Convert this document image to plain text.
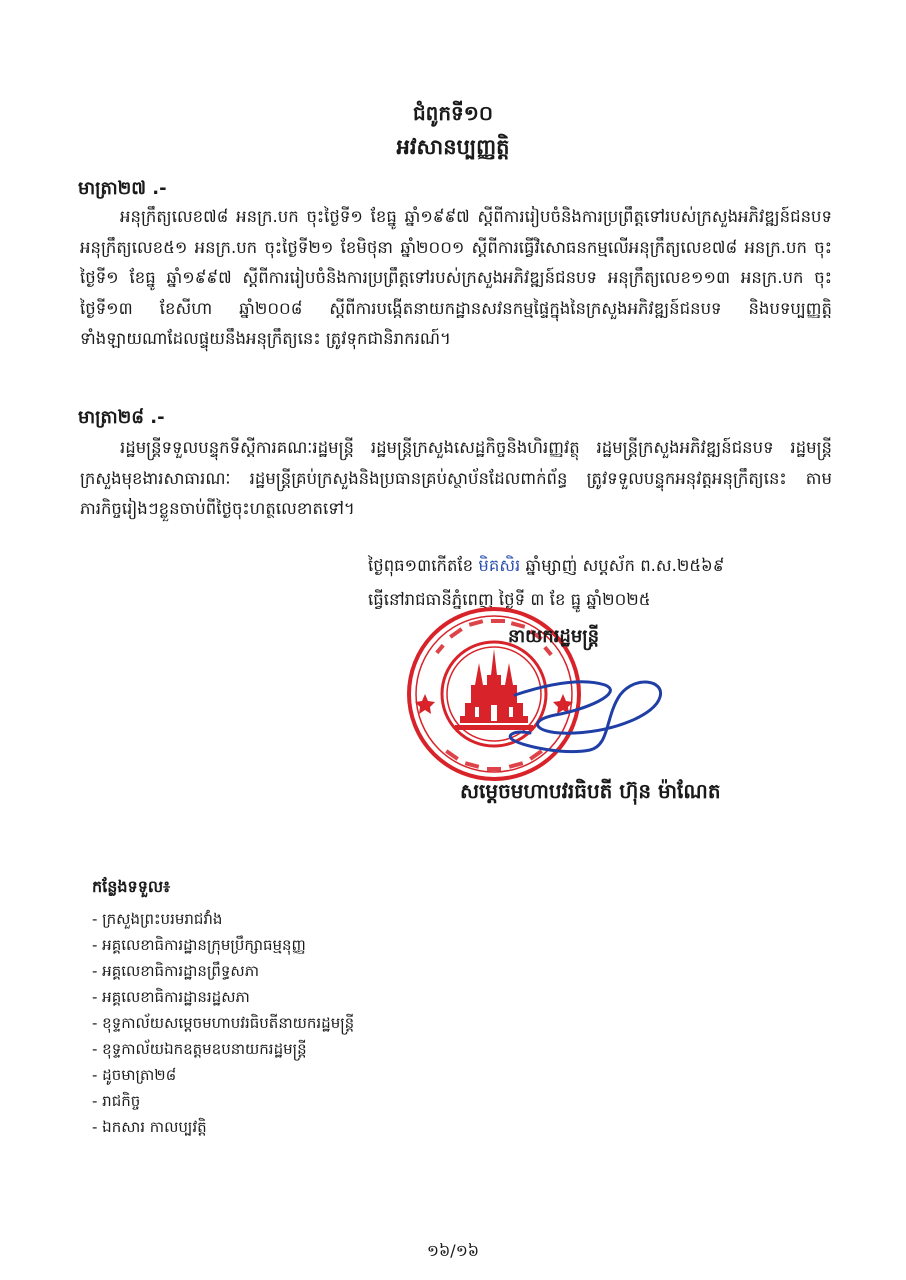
ជំពូកទី១០
អវសានប្បញ្ញត្តិ
មាត្រា២៧ .-
អនុក្រឹត្យលេខ៧៨ អនក្រ.បក ចុះថ្ងៃទី១ ខែធ្នូ ឆ្នាំ១៩៩៧ ស្តីពីការរៀបចំនិងការប្រព្រឹត្តទៅរបស់ក្រសួងអភិវឌ្ឍន៍ជនបទ អនុក្រឹត្យលេខ៥១ អនក្រ.បក ចុះថ្ងៃទី២១ ខែមិថុនា ឆ្នាំ២០០១ ស្តីពីការធ្វើវិសោធនកម្មលើអនុក្រឹត្យលេខ៧៨ អនក្រ.បក ចុះថ្ងៃទី១ ខែធ្នូ ឆ្នាំ១៩៩៧ ស្តីពីការរៀបចំនិងការប្រព្រឹត្តទៅរបស់ក្រសួងអភិវឌ្ឍន៍ជនបទ អនុក្រឹត្យលេខ១១៣ អនក្រ.បក ចុះថ្ងៃទី១៣ ខែសីហា ឆ្នាំ២០០៨ ស្តីពីការបង្កើតនាយកដ្ឋានសវនកម្មផ្ទៃក្នុងនៃក្រសួងអភិវឌ្ឍន៍ជនបទ និងបទប្បញ្ញត្តិទាំងឡាយណាដែលផ្ទុយនឹងអនុក្រឹត្យនេះ ត្រូវទុកជានិរាករណ៍។
មាត្រា២៨ .-
រដ្ឋមន្ត្រីទទួលបន្ទុកទីស្តីការគណៈរដ្ឋមន្ត្រី រដ្ឋមន្ត្រីក្រសួងសេដ្ឋកិច្ចនិងហិរញ្ញវត្ថុ រដ្ឋមន្ត្រីក្រសួងអភិវឌ្ឍន៍ជនបទ រដ្ឋមន្ត្រីក្រសួងមុខងារសាធារណៈ រដ្ឋមន្ត្រីគ្រប់ក្រសួងនិងប្រធានគ្រប់ស្ថាប័នដែលពាក់ព័ន្ធ ត្រូវទទួលបន្ទុកអនុវត្តអនុក្រឹត្យនេះ តាមភារកិច្ចរៀងៗខ្លួនចាប់ពីថ្ងៃចុះហត្ថលេខាតទៅ។
ថ្ងៃពុធ១៣កើតខែ មិគសិរ ឆ្នាំម្សាញ់ សប្តស័ក ព.ស.២៥៦៩
ធ្វើនៅរាជធានីភ្នំពេញ ថ្ងៃទី ៣ ខែ ធ្នូ ឆ្នាំ២០២៥
នាយករដ្ឋមន្ត្រី
សម្តេចមហាបវរធិបតី ហ៊ុន ម៉ាណែត
កន្លែងទទួល៖
- ក្រសួងព្រះបរមរាជវាំង
- អគ្គលេខាធិការដ្ឋានក្រុមប្រឹក្សាធម្មនុញ្ញ
- អគ្គលេខាធិការដ្ឋានព្រឹទ្ធសភា
- អគ្គលេខាធិការដ្ឋានរដ្ឋសភា
- ខុទ្ទកាល័យសម្តេចមហាបវរធិបតីនាយករដ្ឋមន្ត្រី
- ខុទ្ទកាល័យឯកឧត្តមឧបនាយករដ្ឋមន្ត្រី
- ដូចមាត្រា២៨
- រាជកិច្ច
- ឯកសារ កាលប្បវត្តិ
១៦/១៦
